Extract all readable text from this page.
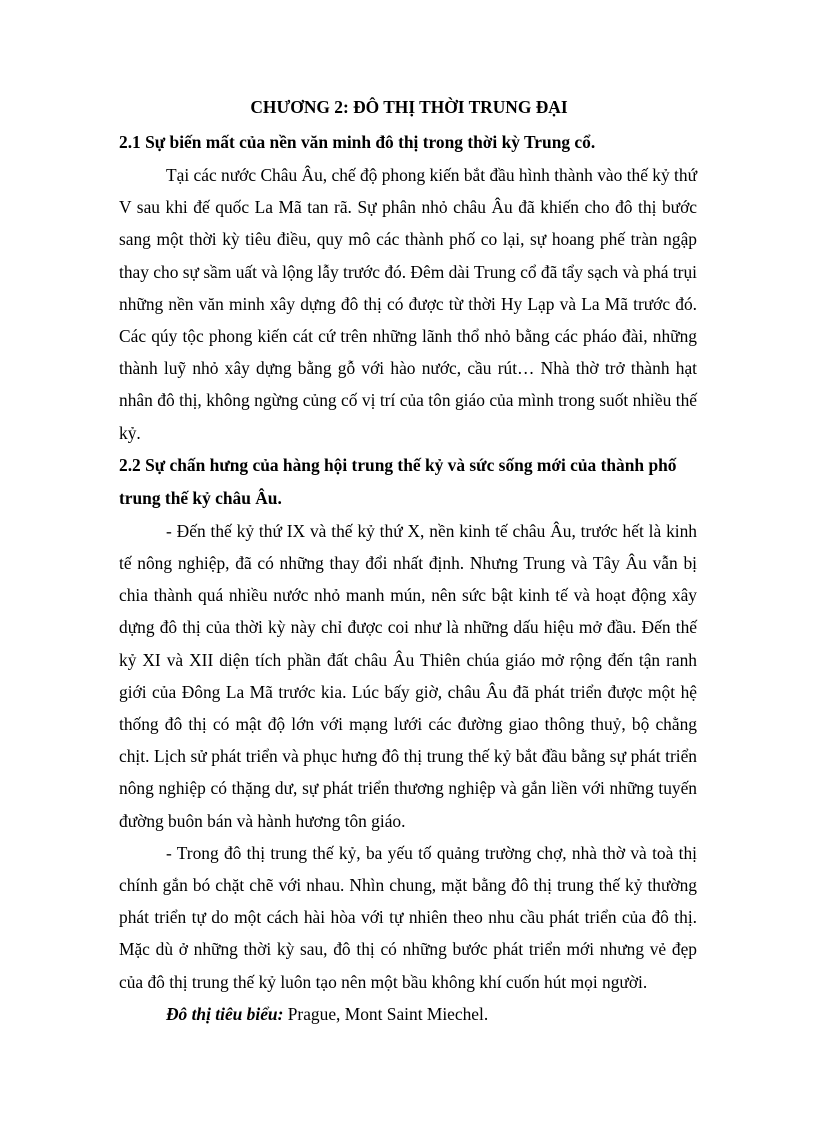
CHƯƠNG 2: ĐÔ THỊ THỜI TRUNG ĐẠI
2.1 Sự biến mất của nền văn minh đô thị trong thời kỳ Trung cổ.

Tại các nước Châu Âu, chế độ phong kiến bắt đầu hình thành vào thế kỷ thứ V sau khi đế quốc La Mã tan rã. Sự phân nhỏ châu Âu đã khiến cho đô thị bước sang một thời kỳ tiêu điều, quy mô các thành phố co lại, sự hoang phế tràn ngập thay cho sự sầm uất và lộng lẫy trước đó. Đêm dài Trung cổ đã tẩy sạch và phá trụi những nền văn minh xây dựng đô thị có được từ thời Hy Lạp và La Mã trước đó. Các qúy tộc phong kiến cát cứ trên những lãnh thổ nhỏ bằng các pháo đài, những thành luỹ nhỏ xây dựng bằng gỗ với hào nước, cầu rút… Nhà thờ trở thành hạt nhân đô thị, không ngừng củng cố vị trí của tôn giáo của mình trong suốt nhiều thế kỷ.

2.2 Sự chấn hưng của hàng hội trung thế kỷ và sức sống mới của thành phố trung thế kỷ châu Âu.

- Đến thế kỷ thứ IX và thế kỷ thứ X, nền kinh tế châu Âu, trước hết là kinh tế nông nghiệp, đã có những thay đổi nhất định. Nhưng Trung và Tây Âu vẫn bị chia thành quá nhiều nước nhỏ manh mún, nên sức bật kinh tế và hoạt động xây dựng đô thị của thời kỳ này chỉ được coi như là những dấu hiệu mở đầu. Đến thế kỷ XI và XII diện tích phần đất châu Âu Thiên chúa giáo mở rộng đến tận ranh giới của Đông La Mã trước kia. Lúc bấy giờ, châu Âu đã phát triển được một hệ thống đô thị có mật độ lớn với mạng lưới các đường giao thông thuỷ, bộ chằng chịt. Lịch sử phát triển và phục hưng đô thị trung thế kỷ bắt đầu bằng sự phát triển nông nghiệp có thặng dư, sự phát triển thương nghiệp và gắn liền với những tuyến đường buôn bán và hành hương tôn giáo.

- Trong đô thị trung thế kỷ, ba yếu tố quảng trường chợ, nhà thờ và toà thị chính gắn bó chặt chẽ với nhau. Nhìn chung, mặt bằng đô thị trung thế kỷ thường phát triển tự do một cách hài hòa với tự nhiên theo nhu cầu phát triển của đô thị. Mặc dù ở những thời kỳ sau, đô thị có những bước phát triển mới nhưng vẻ đẹp của đô thị trung thế kỷ luôn tạo nên một bầu không khí cuốn hút mọi người.

Đô thị tiêu biểu: Prague, Mont Saint Miechel.
